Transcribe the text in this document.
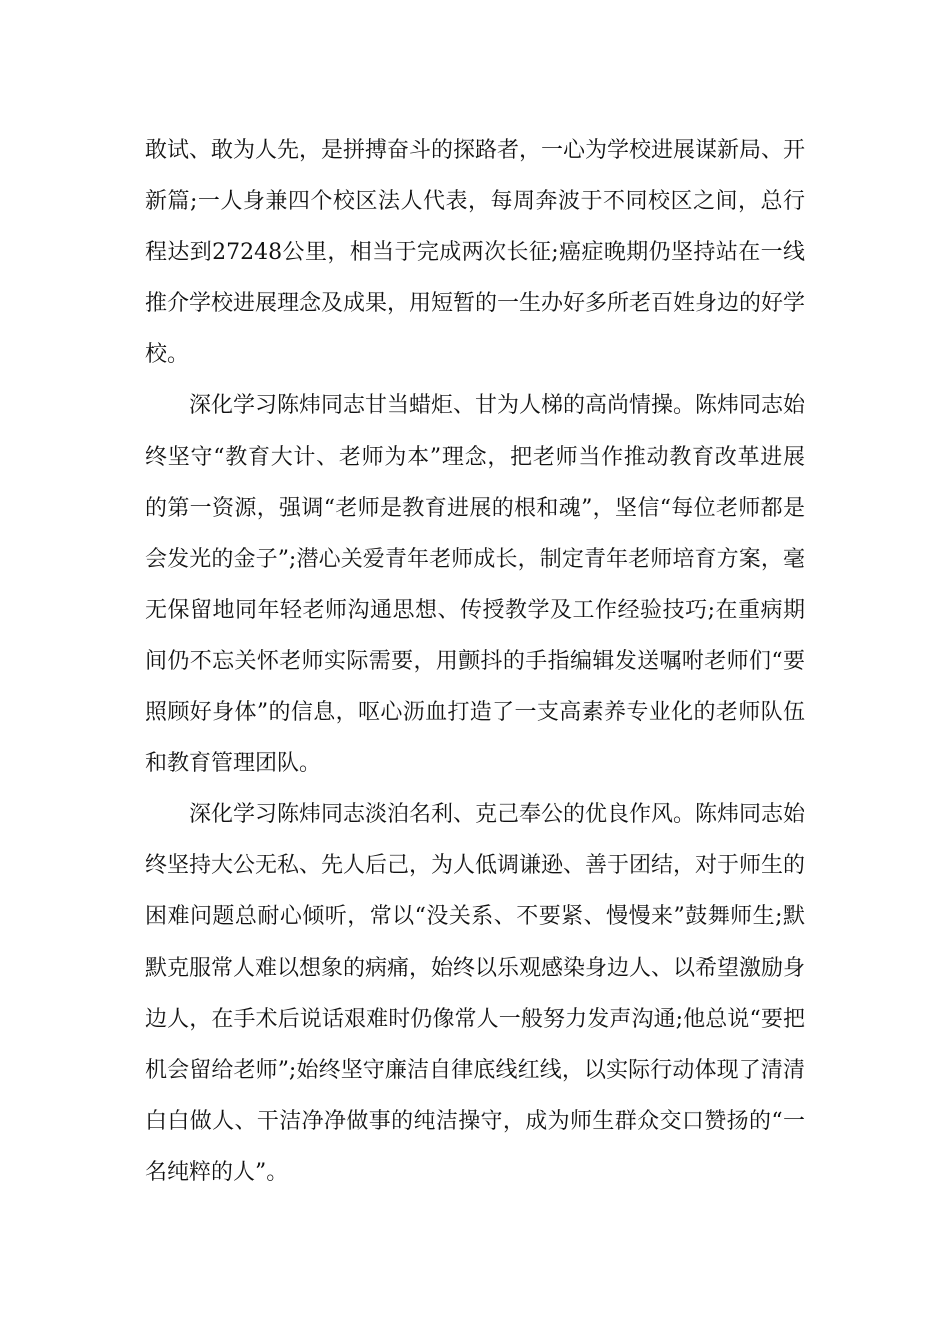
敢试、敢为人先，是拼搏奋斗的探路者，一心为学校进展谋新局、开新篇;一人身兼四个校区法人代表，每周奔波于不同校区之间，总行程达到27248公里，相当于完成两次长征;癌症晚期仍坚持站在一线推介学校进展理念及成果，用短暂的一生办好多所老百姓身边的好学校。

深化学习陈炜同志甘当蜡炬、甘为人梯的高尚情操。陈炜同志始终坚守“教育大计、老师为本”理念，把老师当作推动教育改革进展的第一资源，强调“老师是教育进展的根和魂”，坚信“每位老师都是会发光的金子”;潜心关爱青年老师成长，制定青年老师培育方案，毫无保留地同年轻老师沟通思想、传授教学及工作经验技巧;在重病期间仍不忘关怀老师实际需要，用颤抖的手指编辑发送嘱咐老师们“要照顾好身体”的信息，呕心沥血打造了一支高素养专业化的老师队伍和教育管理团队。

深化学习陈炜同志淡泊名利、克己奉公的优良作风。陈炜同志始终坚持大公无私、先人后己，为人低调谦逊、善于团结，对于师生的困难问题总耐心倾听，常以“没关系、不要紧、慢慢来”鼓舞师生;默默克服常人难以想象的病痛，始终以乐观感染身边人、以希望激励身边人，在手术后说话艰难时仍像常人一般努力发声沟通;他总说“要把机会留给老师”;始终坚守廉洁自律底线红线，以实际行动体现了清清白白做人、干洁净净做事的纯洁操守，成为师生群众交口赞扬的“一名纯粹的人”。
